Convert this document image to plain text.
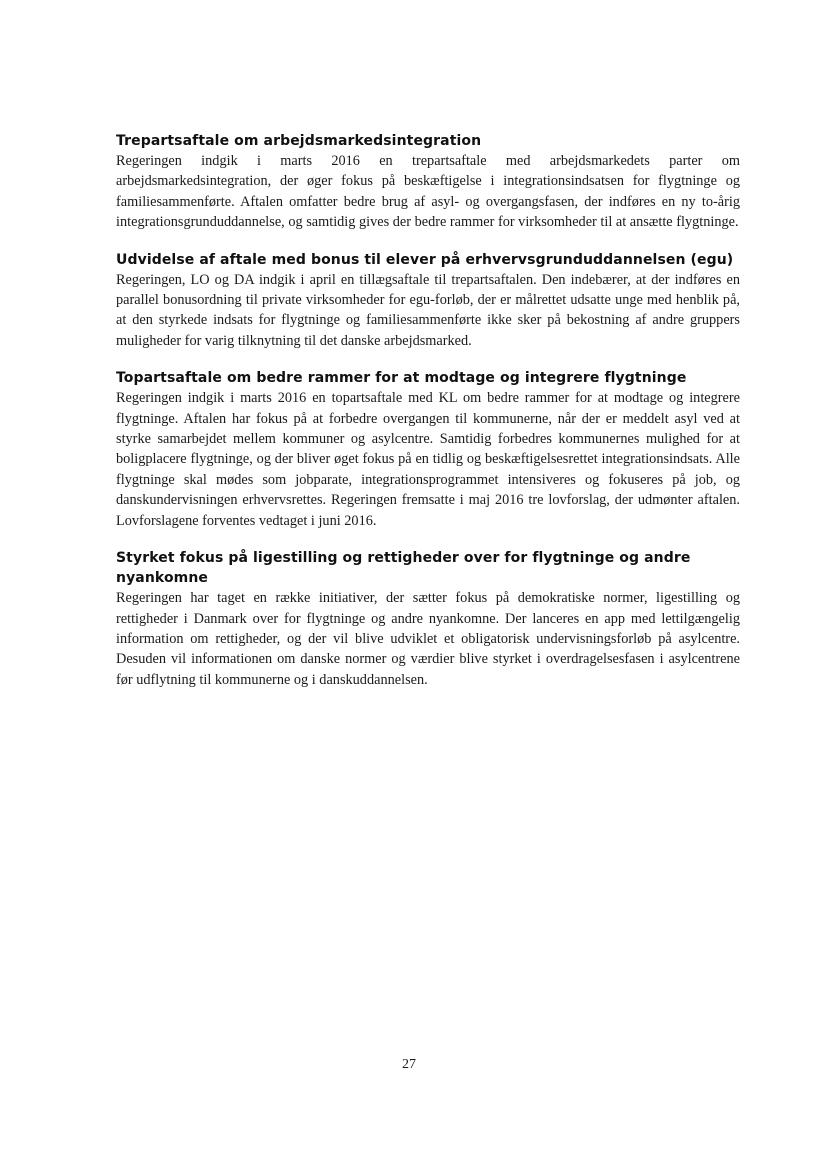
Trepartsaftale om arbejdsmarkedsintegration

Regeringen indgik i marts 2016 en trepartsaftale med arbejdsmarkedets parter om arbejdsmarkedsintegration, der øger fokus på beskæftigelse i integrationsindsatsen for flygtninge og familiesammenførte. Aftalen omfatter bedre brug af asyl- og overgangsfasen, der indføres en ny to-årig integrationsgrunduddannelse, og samtidig gives der bedre rammer for virksomheder til at ansætte flygtninge.

Udvidelse af aftale med bonus til elever på erhvervsgrunduddannelsen (egu)

Regeringen, LO og DA indgik i april en tillægsaftale til trepartsaftalen. Den indebærer, at der indføres en parallel bonusordning til private virksomheder for egu-forløb, der er målrettet udsatte unge med henblik på, at den styrkede indsats for flygtninge og familiesammenførte ikke sker på bekostning af andre gruppers muligheder for varig tilknytning til det danske arbejdsmarked.

Topartsaftale om bedre rammer for at modtage og integrere flygtninge

Regeringen indgik i marts 2016 en topartsaftale med KL om bedre rammer for at modtage og integrere flygtninge. Aftalen har fokus på at forbedre overgangen til kommunerne, når der er meddelt asyl ved at styrke samarbejdet mellem kommuner og asylcentre. Samtidig forbedres kommunernes mulighed for at boligplacere flygtninge, og der bliver øget fokus på en tidlig og beskæftigelsesrettet integrationsindsats. Alle flygtninge skal mødes som jobparate, integrationsprogrammet intensiveres og fokuseres på job, og danskundervisningen erhvervsrettes. Regeringen fremsatte i maj 2016 tre lovforslag, der udmønter aftalen. Lovforslagene forventes vedtaget i juni 2016.

Styrket fokus på ligestilling og rettigheder over for flygtninge og andre nyankomne

Regeringen har taget en række initiativer, der sætter fokus på demokratiske normer, ligestilling og rettigheder i Danmark over for flygtninge og andre nyankomne. Der lanceres en app med lettilgængelig information om rettigheder, og der vil blive udviklet et obligatorisk undervisningsforløb på asylcentre. Desuden vil informationen om danske normer og værdier blive styrket i overdragelsesfasen i asylcentrene før udflytning til kommunerne og i danskuddannelsen.

27
